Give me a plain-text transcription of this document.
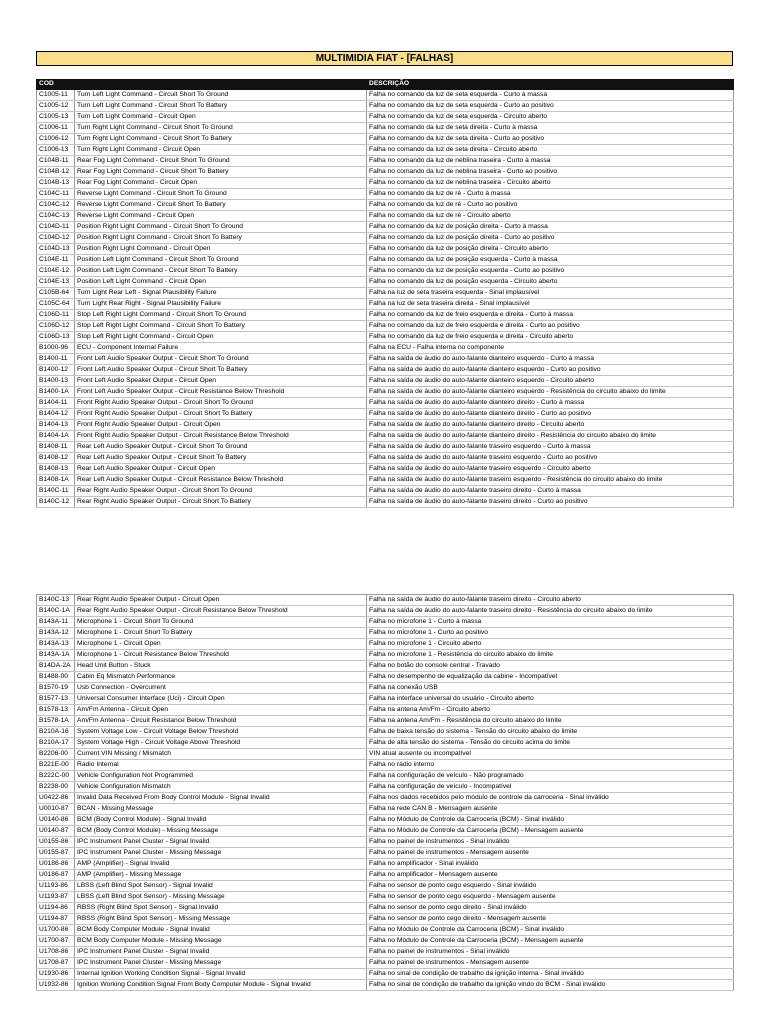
MULTIMIDIA FIAT - [FALHAS]
COD		DESCRIÇÃO
C1005-11	Turn Left Light Command - Circuit Short To Ground	Falha no comando da luz de seta esquerda - Curto à massa
C1005-12	Turn Left Light Command - Circuit Short To Battery	Falha no comando da luz de seta esquerda - Curto ao positivo
C1005-13	Turn Left Light Command - Circuit Open	Falha no comando da luz de seta esquerda - Circuito aberto
C1006-11	Turn Right Light Command - Circuit Short To Ground	Falha no comando da luz de seta direita - Curto à massa
C1006-12	Turn Right Light Command - Circuit Short To Battery	Falha no comando da luz de seta direita - Curto ao positivo
C1006-13	Turn Right Light Command - Circuit Open	Falha no comando da luz de seta direita - Circuito aberto
C104B-11	Rear Fog Light Command - Circuit Short To Ground	Falha no comando da luz de neblina traseira - Curto à massa
C104B-12	Rear Fog Light Command - Circuit Short To Battery	Falha no comando da luz de neblina traseira - Curto ao positivo
C104B-13	Rear Fog Light Command - Circuit Open	Falha no comando da luz de neblina traseira - Circuito aberto
C104C-11	Reverse Light Command - Circuit Short To Ground	Falha no comando da luz de ré - Curto à massa
C104C-12	Reverse Light Command - Circuit Short To Battery	Falha no comando da luz de ré - Curto ao positivo
C104C-13	Reverse Light Command - Circuit Open	Falha no comando da luz de ré - Circuito aberto
C104D-11	Position Right Light Command - Circuit Short To Ground	Falha no comando da luz de posição direita - Curto à massa
C104D-12	Position Right Light Command - Circuit Short To Battery	Falha no comando da luz de posição direita - Curto ao positivo
C104D-13	Position Right Light Command - Circuit Open	Falha no comando da luz de posição direita - Circuito aberto
C104E-11	Position Left Light Command - Circuit Short To Ground	Falha no comando da luz de posição esquerda - Curto à massa
C104E-12	Position Left Light Command - Circuit Short To Battery	Falha no comando da luz de posição esquerda - Curto ao positivo
C104E-13	Position Left Light Command - Circuit Open	Falha no comando da luz de posição esquerda - Circuito aberto
C105B-64	Turn Light Rear Left - Signal Plausibility Failure	Falha na luz de seta traseira esquerda - Sinal implausível
C105C-64	Turn Light Rear Right - Signal Plausibility Failure	Falha na luz de seta traseira direita - Sinal implausível
C106D-11	Stop Left Right Light Command - Circuit Short To Ground	Falha no comando da luz de freio esquerda e direita - Curto à massa
C106D-12	Stop Left Right Light Command - Circuit Short To Battery	Falha no comando da luz de freio esquerda e direita - Curto ao positivo
C106D-13	Stop Left Right Light Command - Circuit Open	Falha no comando da luz de freio esquerda e direita - Circuito aberto
B1000-96	ECU - Component Internal Failure	Falha na ECU - Falha interna no componente
B1400-11	Front Left Audio Speaker Output - Circuit Short To Ground	Falha na saída de áudio do auto-falante dianteiro esquerdo - Curto à massa
B1400-12	Front Left Audio Speaker Output - Circuit Short To Battery	Falha na saída de áudio do auto-falante dianteiro esquerdo - Curto ao positivo
B1400-13	Front Left Audio Speaker Output - Circuit Open	Falha na saída de áudio do auto-falante dianteiro esquerdo - Circuito aberto
B1400-1A	Front Left Audio Speaker Output - Circuit Resistance Below Threshold	Falha na saída de áudio do auto-falante dianteiro esquerdo - Resistência do circuito abaixo do limite
B1404-11	Front Right Audio Speaker Output - Circuit Short To Ground	Falha na saída de áudio do auto-falante dianteiro direito - Curto à massa
B1404-12	Front Right Audio Speaker Output - Circuit Short To Battery	Falha na saída de áudio do auto-falante dianteiro direito - Curto ao positivo
B1404-13	Front Right Audio Speaker Output - Circuit Open	Falha na saída de áudio do auto-falante dianteiro direito - Circuito aberto
B1404-1A	Front Right Audio Speaker Output - Circuit Resistance Below Threshold	Falha na saída de áudio do auto-falante dianteiro direito - Resistência do circuito abaixo do limite
B1408-11	Rear Left Audio Speaker Output - Circuit Short To Ground	Falha na saída de áudio do auto-falante traseiro esquerdo - Curto à massa
B1408-12	Rear Left Audio Speaker Output - Circuit Short To Battery	Falha na saída de áudio do auto-falante traseiro esquerdo - Curto ao positivo
B1408-13	Rear Left Audio Speaker Output - Circuit Open	Falha na saída de áudio do auto-falante traseiro esquerdo - Circuito aberto
B1408-1A	Rear Left Audio Speaker Output - Circuit Resistance Below Threshold	Falha na saída de áudio do auto-falante traseiro esquerdo - Resistência do circuito abaixo do limite
B140C-11	Rear Right Audio Speaker Output - Circuit Short To Ground	Falha na saída de áudio do auto-falante traseiro direito - Curto à massa
B140C-12	Rear Right Audio Speaker Output - Circuit Short To Battery	Falha na saída de áudio do auto-falante traseiro direito - Curto ao positivo
B140C-13	Rear Right Audio Speaker Output - Circuit Open	Falha na saída de áudio do auto-falante traseiro direito - Circuito aberto
B140C-1A	Rear Right Audio Speaker Output - Circuit Resistance Below Threshold	Falha na saída de áudio do auto-falante traseiro direito - Resistência do circuito abaixo do limite
B143A-11	Microphone 1 - Circuit Short To Ground	Falha no microfone 1 - Curto à massa
B143A-12	Microphone 1 - Circuit Short To Battery	Falha no microfone 1 - Curto ao positivo
B143A-13	Microphone 1 - Circuit Open	Falha no microfone 1 - Circuito aberto
B143A-1A	Microphone 1 - Circuit Resistance Below Threshold	Falha no microfone 1 - Resistência do circuito abaixo do limite
B14DA-2A	Head Unit Button - Stuck	Falha no botão do console central - Travado
B1488-00	Cabin Eq Mismatch Performance	Falha no desempenho de equalização da cabine - Incompatível
B1570-19	Usb Connection - Overcurrent	Falha na conexão USB
B1577-13	Universal Consumer Interface (Uci) - Circuit Open	Falha na interface universal do usuário - Circuito aberto
B1578-13	Am/Fm Antenna - Circuit Open	Falha na antena Am/Fm - Circuito aberto
B1578-1A	Am/Fm Antenna - Circuit Resistance Below Threshold	Falha na antena Am/Fm - Resistência do circuito abaixo do limite
B210A-16	System Voltage Low - Circuit Voltage Below Threshold	Falha de baixa tensão do sistema - Tensão do circuito abaixo do limite
B210A-17	System Voltage High - Circuit Voltage Above Threshold	Falha de alta tensão do sistema - Tensão do circuito acima do limite
B2206-00	Current VIN Missing / Mismatch	VIN atual ausente ou incompatível
B221E-00	Radio Internal	Falha no rádio interno
B222C-00	Vehicle Configuration Not Programmed	Falha na configuração de veículo - Não programado
B2238-00	Vehicle Configuration Mismatch	Falha na configuração de veículo - Incompatível
U0422-86	Invalid Data Received From Body Control Module - Signal Invalid	Falha nos dados recebidos pelo módulo de controle da carroceria - Sinal inválido
U0010-87	BCAN - Missing Message	Falha na rede CAN B - Mensagem ausente
U0140-86	BCM (Body Control Module) - Signal Invalid	Falha no Módulo de Controle da Carroceria (BCM) - Sinal inválido
U0140-87	BCM (Body Control Module) - Missing Message	Falha no Módulo de Controle da Carroceria (BCM) - Mensagem ausente
U0155-86	IPC Instrument Panel Cluster - Signal Invalid	Falha no painel de instrumentos - Sinal inválido
U0155-87	IPC Instrument Panel Cluster - Missing Message	Falha no painel de instrumentos - Mensagem ausente
U0186-86	AMP (Amplifier) - Signal Invalid	Falha no amplificador - Sinal inválido
U0186-87	AMP (Amplifier) - Missing Message	Falha no amplificador - Mensagem ausente
U1193-86	LBSS (Left Blind Spot Sensor) - Signal Invalid	Falha no sensor de ponto cego esquerdo - Sinal inválido
U1193-87	LBSS (Left Blind Spot Sensor) - Missing Message	Falha no sensor de ponto cego esquerdo - Mensagem ausente
U1194-86	RBSS (Right Blind Spot Sensor) - Signal Invalid	Falha no sensor de ponto cego direito - Sinal inválido
U1194-87	RBSS (Right Blind Spot Sensor) - Missing Message	Falha no sensor de ponto cego direito - Mensagem ausente
U1700-86	BCM Body Computer Module - Signal Invalid	Falha no Módulo de Controle da Carroceria (BCM) - Sinal inválido
U1700-87	BCM Body Computer Module - Missing Message	Falha no Módulo de Controle da Carroceria (BCM) - Mensagem ausente
U1708-86	IPC Instrument Panel Cluster - Signal Invalid	Falha no painel de instrumentos - Sinal inválido
U1708-87	IPC Instrument Panel Cluster - Missing Message	Falha no painel de instrumentos - Mensagem ausente
U1930-86	Internal Ignition Working Condition Signal - Signal Invalid	Falha no sinal de condição de trabalho da ignição interna - Sinal inválido
U1932-86	Ignition Working Condition Signal From Body Computer Module - Signal Invalid	Falha no sinal de condição de trabalho da ignição vindo do BCM - Sinal inválido
